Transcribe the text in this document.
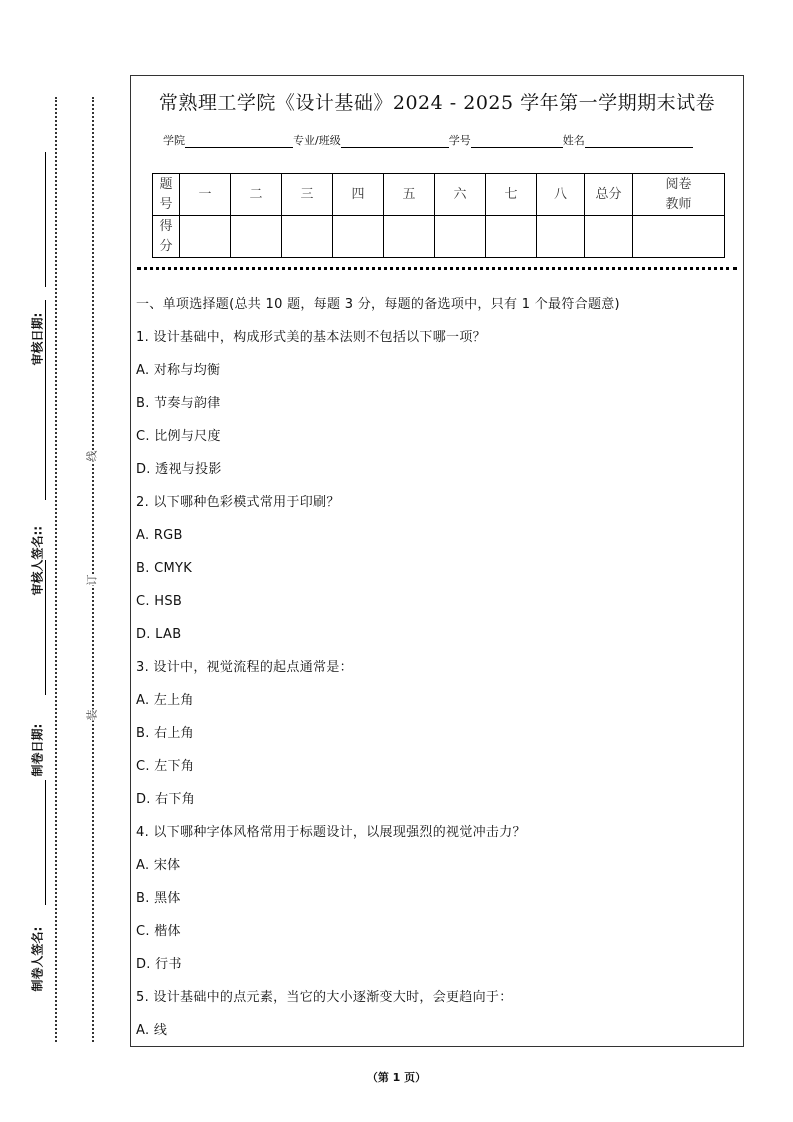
审核日期:
审核人签名::
制卷日期:
制卷人签名:
线
订
装
常熟理工学院《设计基础》2024 - 2025 学年第一学期期末试卷
学院	专业/班级	学号	姓名
题
号	一	二	三	四	五	六	七	八	总分	阅卷
教师
得
分										
一、单项选择题(总共 10 题，每题 3 分，每题的备选项中，只有 1 个最符合题意)
1. 设计基础中，构成形式美的基本法则不包括以下哪一项？
A. 对称与均衡
B. 节奏与韵律
C. 比例与尺度
D. 透视与投影
2. 以下哪种色彩模式常用于印刷？
A. RGB
B. CMYK
C. HSB
D. LAB
3. 设计中，视觉流程的起点通常是：
A. 左上角
B. 右上角
C. 左下角
D. 右下角
4. 以下哪种字体风格常用于标题设计，以展现强烈的视觉冲击力？
A. 宋体
B. 黑体
C. 楷体
D. 行书
5. 设计基础中的点元素，当它的大小逐渐变大时，会更趋向于：
A. 线
（第 1 页）
